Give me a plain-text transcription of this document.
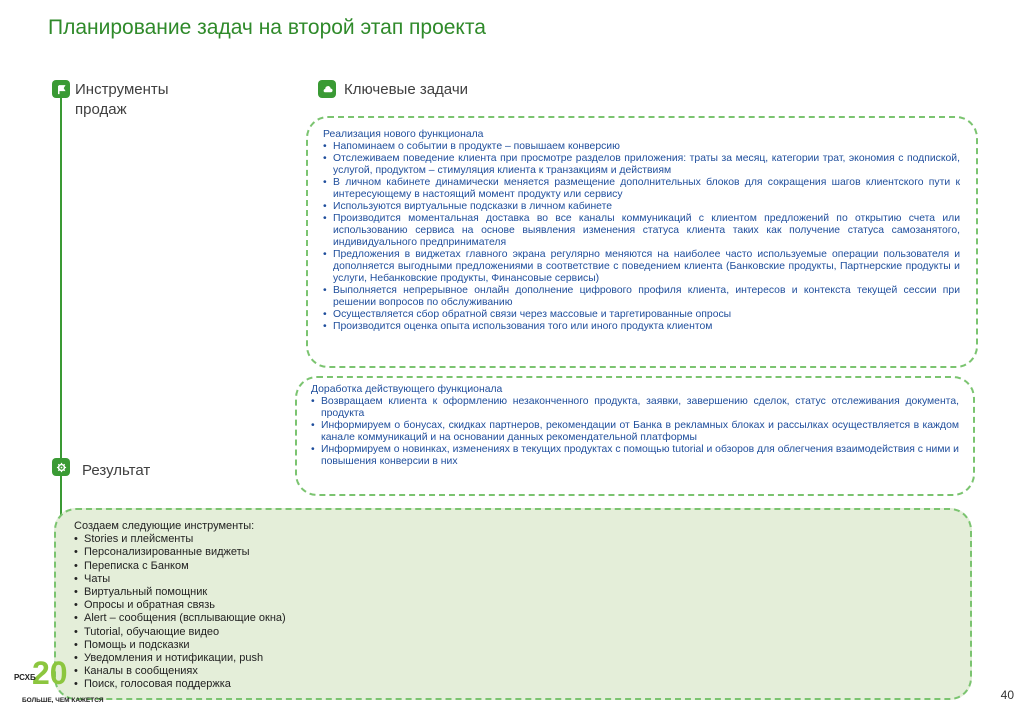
Планирование задач на второй этап проекта
Инструменты
продаж
Ключевые задачи
Результат
Реализация нового функционала
• Напоминаем о событии в продукте – повышаем конверсию
• Отслеживаем поведение клиента при просмотре разделов приложения: траты за месяц, категории трат, экономия с подпиской, услугой, продуктом – стимуляция клиента к транзакциям и действиям
• В личном кабинете динамически меняется размещение дополнительных блоков для сокращения шагов клиентского пути к интересующему в настоящий момент продукту или сервису
• Используются виртуальные подсказки в личном кабинете
• Производится моментальная доставка во все каналы коммуникаций с клиентом предложений по открытию счета или использованию сервиса на основе выявления изменения статуса клиента таких как получение статуса самозанятого, индивидуального предпринимателя
• Предложения в виджетах главного экрана регулярно меняются на наиболее часто используемые операции пользователя и дополняется выгодными предложениями в соответствие с поведением клиента (Банковские продукты, Партнерские продукты и услуги, Небанковские продукты, Финансовые сервисы)
• Выполняется непрерывное онлайн дополнение цифрового профиля клиента, интересов и контекста текущей сессии при решении вопросов по обслуживанию
• Осуществляется сбор обратной связи через массовые и таргетированные опросы
• Производится оценка опыта использования того или иного продукта клиентом
Доработка действующего функционала
• Возвращаем клиента к оформлению незаконченного продукта, заявки, завершению сделок, статус отслеживания документа, продукта
• Информируем о бонусах, скидках партнеров, рекомендации от Банка в рекламных блоках и рассылках осуществляется в каждом канале коммуникаций и на основании данных рекомендательной платформы
• Информируем о новинках, изменениях в текущих продуктах с помощью tutorial и обзоров для облегчения взаимодействия с ними и повышения конверсии в них
Создаем следующие инструменты:
• Stories и плейсменты
• Персонализированные виджеты
• Переписка с Банком
• Чаты
• Виртуальный помощник
• Опросы и обратная связь
• Alert – сообщения (всплывающие окна)
• Tutorial, обучающие видео
• Помощь и подсказки
• Уведомления и нотификации, push
• Каналы в сообщениях
• Поиск, голосовая поддержка
20
РСХБ
БОЛЬШЕ, ЧЕМ КАЖЕТСЯ	40
